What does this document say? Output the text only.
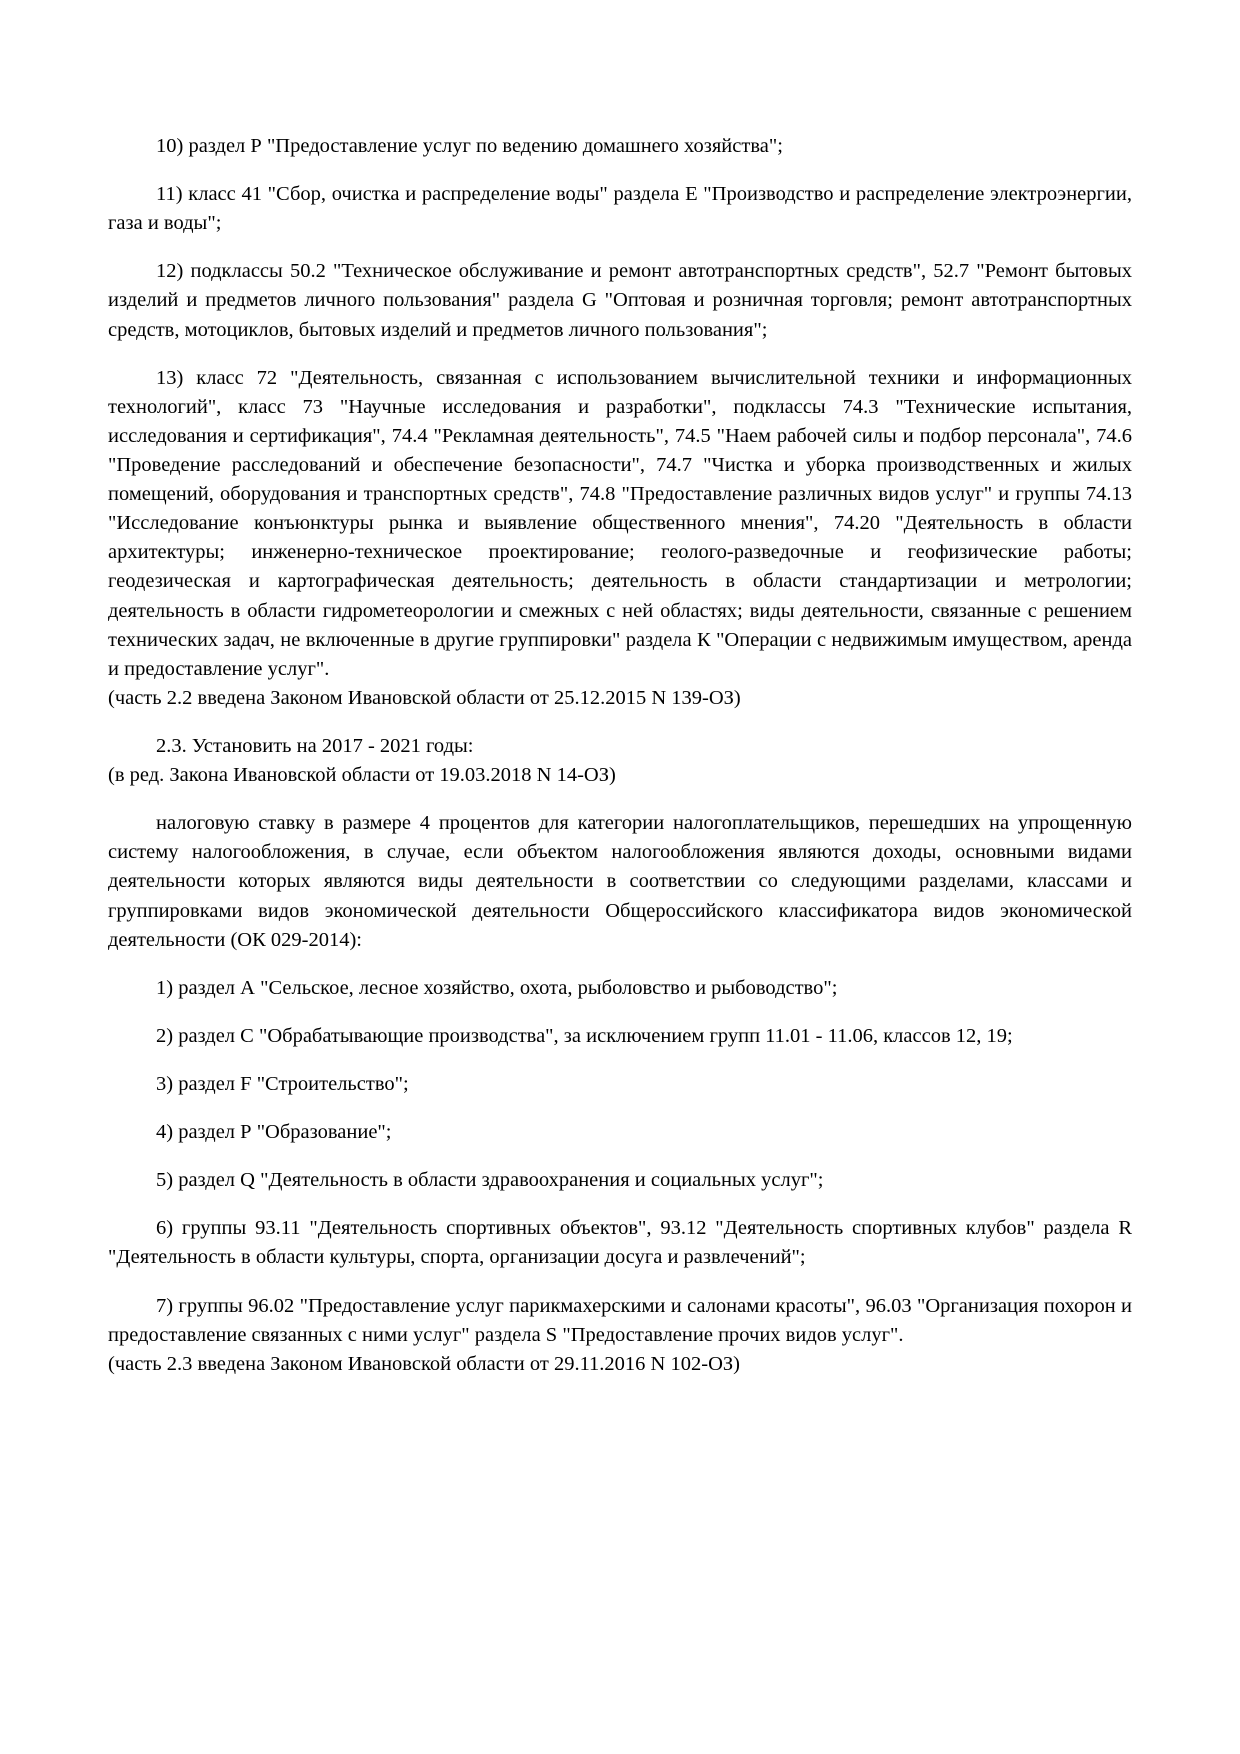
10) раздел Р "Предоставление услуг по ведению домашнего хозяйства";

11) класс 41 "Сбор, очистка и распределение воды" раздела Е "Производство и распределение электроэнергии, газа и воды";

12) подклассы 50.2 "Техническое обслуживание и ремонт автотранспортных средств", 52.7 "Ремонт бытовых изделий и предметов личного пользования" раздела G "Оптовая и розничная торговля; ремонт автотранспортных средств, мотоциклов, бытовых изделий и предметов личного пользования";

13) класс 72 "Деятельность, связанная с использованием вычислительной техники и информационных технологий", класс 73 "Научные исследования и разработки", подклассы 74.3 "Технические испытания, исследования и сертификация", 74.4 "Рекламная деятельность", 74.5 "Наем рабочей силы и подбор персонала", 74.6 "Проведение расследований и обеспечение безопасности", 74.7 "Чистка и уборка производственных и жилых помещений, оборудования и транспортных средств", 74.8 "Предоставление различных видов услуг" и группы 74.13 "Исследование конъюнктуры рынка и выявление общественного мнения", 74.20 "Деятельность в области архитектуры; инженерно-техническое проектирование; геолого-разведочные и геофизические работы; геодезическая и картографическая деятельность; деятельность в области стандартизации и метрологии; деятельность в области гидрометеорологии и смежных с ней областях; виды деятельности, связанные с решением технических задач, не включенные в другие группировки" раздела К "Операции с недвижимым имуществом, аренда и предоставление услуг".

(часть 2.2 введена Законом Ивановской области от 25.12.2015 N 139-ОЗ)

2.3. Установить на 2017 - 2021 годы:

(в ред. Закона Ивановской области от 19.03.2018 N 14-ОЗ)

налоговую ставку в размере 4 процентов для категории налогоплательщиков, перешедших на упрощенную систему налогообложения, в случае, если объектом налогообложения являются доходы, основными видами деятельности которых являются виды деятельности в соответствии со следующими разделами, классами и группировками видов экономической деятельности Общероссийского классификатора видов экономической деятельности (ОК 029-2014):

1) раздел А "Сельское, лесное хозяйство, охота, рыболовство и рыбоводство";

2) раздел С "Обрабатывающие производства", за исключением групп 11.01 - 11.06, классов 12, 19;

3) раздел F "Строительство";

4) раздел Р "Образование";

5) раздел Q "Деятельность в области здравоохранения и социальных услуг";

6) группы 93.11 "Деятельность спортивных объектов", 93.12 "Деятельность спортивных клубов" раздела R "Деятельность в области культуры, спорта, организации досуга и развлечений";

7) группы 96.02 "Предоставление услуг парикмахерскими и салонами красоты", 96.03 "Организация похорон и предоставление связанных с ними услуг" раздела S "Предоставление прочих видов услуг".

(часть 2.3 введена Законом Ивановской области от 29.11.2016 N 102-ОЗ)
